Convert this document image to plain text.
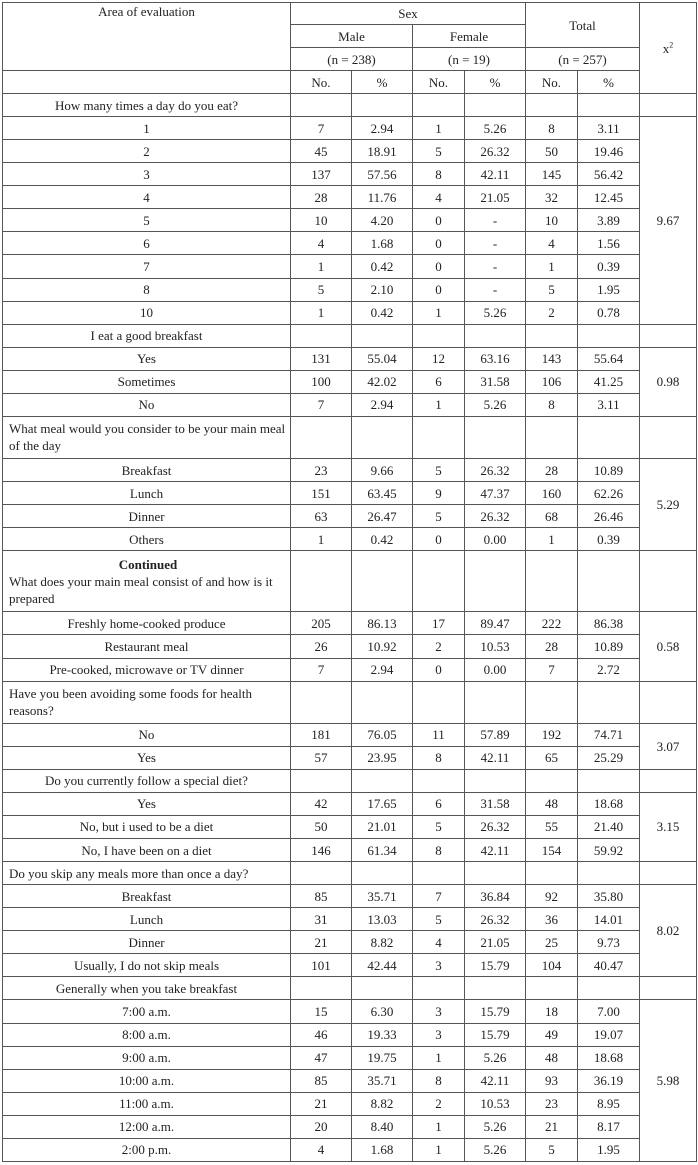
Area of evaluation	Sex				Total		$x^2$
	Male		Female				
	(n = 238)		(n = 19)		(n = 257)		
	No.	%	No.	%	No.	%	
How many times a day do you eat?							
1	7	2.94	1	5.26	8	3.11	9.67
2	45	18.91	5	26.32	50	19.46	
3	137	57.56	8	42.11	145	56.42	
4	28	11.76	4	21.05	32	12.45	
5	10	4.20	0	-	10	3.89	
6	4	1.68	0	-	4	1.56	
7	1	0.42	0	-	1	0.39	
8	5	2.10	0	-	5	1.95	
10	1	0.42	1	5.26	2	0.78	
I eat a good breakfast							
Yes	131	55.04	12	63.16	143	55.64	0.98
Sometimes	100	42.02	6	31.58	106	41.25	
No	7	2.94	1	5.26	8	3.11	
What meal would you consider to be your main meal of the day							
Breakfast	23	9.66	5	26.32	28	10.89	5.29
Lunch	151	63.45	9	47.37	160	62.26	
Dinner	63	26.47	5	26.32	68	26.46	
Others	1	0.42	0	0.00	1	0.39	

Continued
What does your main meal consist of and how is it prepared							
Freshly home-cooked produce	205	86.13	17	89.47	222	86.38	0.58
Restaurant meal	26	10.92	2	10.53	28	10.89	
Pre-cooked, microwave or TV dinner	7	2.94	0	0.00	7	2.72	
Have you been avoiding some foods for health reasons?							
No	181	76.05	11	57.89	192	74.71	3.07
Yes	57	23.95	8	42.11	65	25.29	
Do you currently follow a special diet?							
Yes	42	17.65	6	31.58	48	18.68	3.15
No, but i used to be a diet	50	21.01	5	26.32	55	21.40	
No, I have been on a diet	146	61.34	8	42.11	154	59.92	
Do you skip any meals more than once a day?							
Breakfast	85	35.71	7	36.84	92	35.80	8.02
Lunch	31	13.03	5	26.32	36	14.01	
Dinner	21	8.82	4	21.05	25	9.73	
Usually, I do not skip meals	101	42.44	3	15.79	104	40.47	
Generally when you take breakfast							
7:00 a.m.	15	6.30	3	15.79	18	7.00	5.98
8:00 a.m.	46	19.33	3	15.79	49	19.07	
9:00 a.m.	47	19.75	1	5.26	48	18.68	
10:00 a.m.	85	35.71	8	42.11	93	36.19	
11:00 a.m.	21	8.82	2	10.53	23	8.95	
12:00 a.m.	20	8.40	1	5.26	21	8.17	
2:00 p.m.	4	1.68	1	5.26	5	1.95	
